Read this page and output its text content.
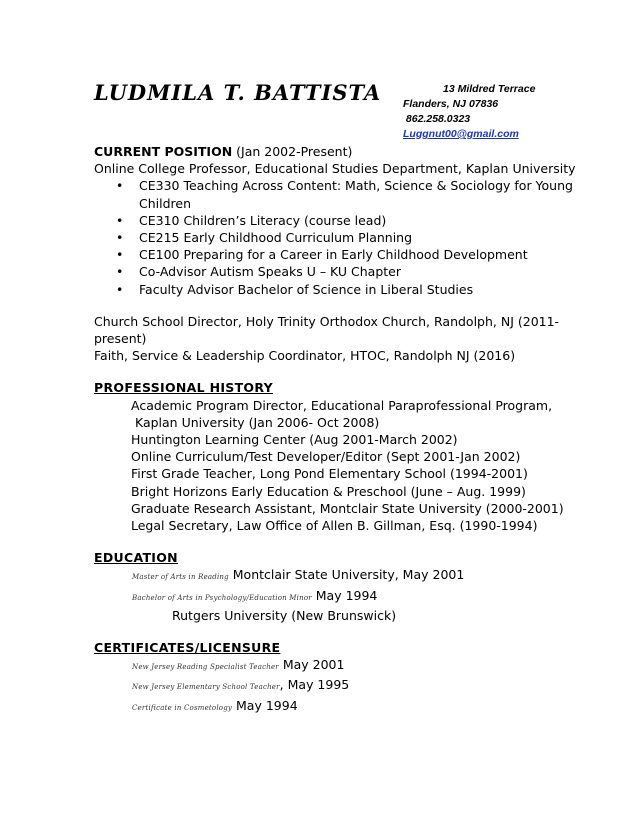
LUDMILA T. BATTISTA	13 Mildred Terrace
Flanders, NJ 07836
862.258.0323
Luggnut00@gmail.com
CURRENT POSITION (Jan 2002-Present)
Online College Professor, Educational Studies Department, Kaplan University
• CE330 Teaching Across Content: Math, Science & Sociology for Young Children
• CE310 Children’s Literacy (course lead)
• CE215 Early Childhood Curriculum Planning
• CE100 Preparing for a Career in Early Childhood Development
• Co-Advisor Autism Speaks U – KU Chapter
• Faculty Advisor Bachelor of Science in Liberal Studies
Church School Director, Holy Trinity Orthodox Church, Randolph, NJ (2011-present)
Faith, Service & Leadership Coordinator, HTOC, Randolph NJ (2016)
PROFESSIONAL HISTORY
Academic Program Director, Educational Paraprofessional Program,
Kaplan University (Jan 2006- Oct 2008)
Huntington Learning Center (Aug 2001-March 2002)
Online Curriculum/Test Developer/Editor (Sept 2001-Jan 2002)
First Grade Teacher, Long Pond Elementary School (1994-2001)
Bright Horizons Early Education & Preschool (June – Aug. 1999)
Graduate Research Assistant, Montclair State University (2000-2001)
Legal Secretary, Law Office of Allen B. Gillman, Esq. (1990-1994)
EDUCATION
Master of Arts in Reading Montclair State University, May 2001
Bachelor of Arts in Psychology/Education Minor May 1994
Rutgers University (New Brunswick)
CERTIFICATES/LICENSURE
New Jersey Reading Specialist Teacher May 2001
New Jersey Elementary School Teacher, May 1995
Certificate in Cosmetology May 1994
